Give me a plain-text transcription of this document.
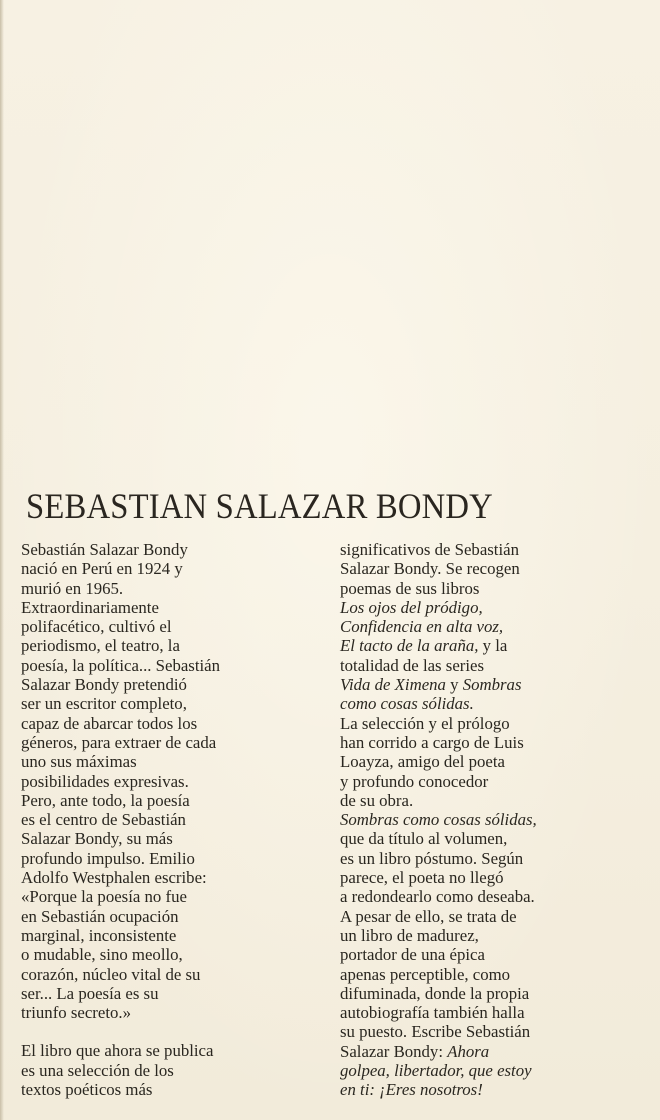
SEBASTIAN SALAZAR BONDY
Sebastián Salazar Bondy
nació en Perú en 1924 y
murió en 1965.
Extraordinariamente
polifacético, cultivó el
periodismo, el teatro, la
poesía, la política... Sebastián
Salazar Bondy pretendió
ser un escritor completo,
capaz de abarcar todos los
géneros, para extraer de cada
uno sus máximas
posibilidades expresivas.
Pero, ante todo, la poesía
es el centro de Sebastián
Salazar Bondy, su más
profundo impulso. Emilio
Adolfo Westphalen escribe:
«Porque la poesía no fue
en Sebastián ocupación
marginal, inconsistente
o mudable, sino meollo,
corazón, núcleo vital de su
ser... La poesía es su
triunfo secreto.»
El libro que ahora se publica
es una selección de los
textos poéticos más
significativos de Sebastián
Salazar Bondy. Se recogen
poemas de sus libros
Los ojos del pródigo,
Confidencia en alta voz,
El tacto de la araña, y la
totalidad de las series
Vida de Ximena y Sombras
como cosas sólidas.
La selección y el prólogo
han corrido a cargo de Luis
Loayza, amigo del poeta
y profundo conocedor
de su obra.
Sombras como cosas sólidas,
que da título al volumen,
es un libro póstumo. Según
parece, el poeta no llegó
a redondearlo como deseaba.
A pesar de ello, se trata de
un libro de madurez,
portador de una épica
apenas perceptible, como
difuminada, donde la propia
autobiografía también halla
su puesto. Escribe Sebastián
Salazar Bondy: Ahora
golpea, libertador, que estoy
en ti: ¡Eres nosotros!
